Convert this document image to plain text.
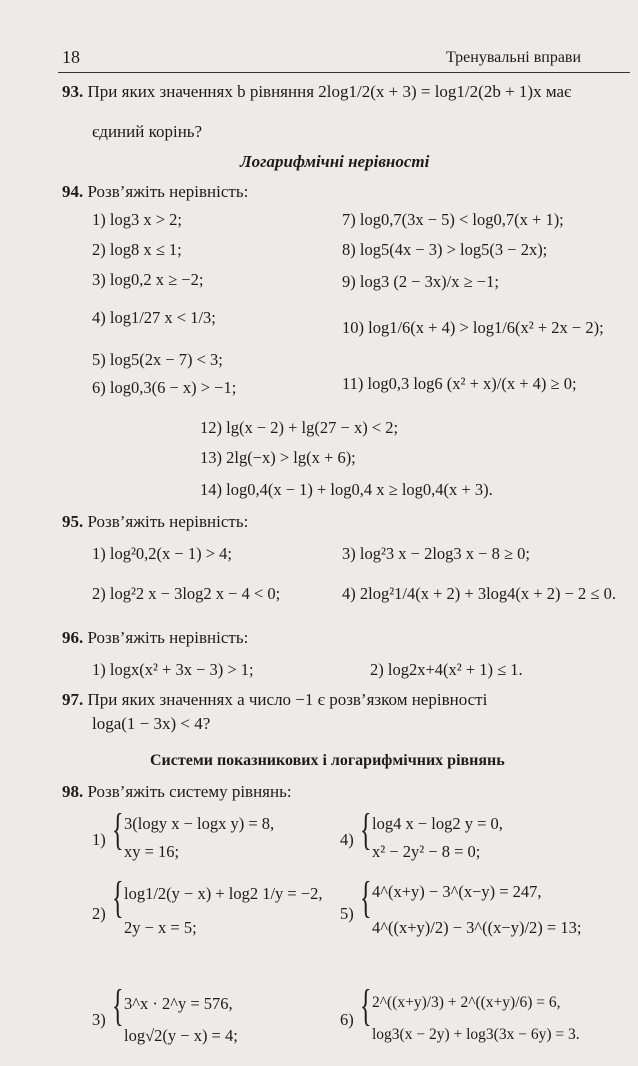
18	Тренувальні вправи
93. При яких значеннях b рівняння 2log1/2(x + 3) = log1/2(2b + 1)x має
єдиний корінь?
Логарифмічні нерівності
94. Розв’яжіть нерівність:
1) log3 x > 2;
2) log8 x ≤ 1;
3) log0,2 x ≥ −2;
4) log1/27 x < 1/3;
5) log5(2x − 7) < 3;
6) log0,3(6 − x) > −1;
7) log0,7(3x − 5) < log0,7(x + 1);
8) log5(4x − 3) > log5(3 − 2x);
9) log3 (2 − 3x)/x ≥ −1;
10) log1/6(x + 4) > log1/6(x² + 2x − 2);
11) log0,3 log6 (x² + x)/(x + 4) ≥ 0;
12) lg(x − 2) + lg(27 − x) < 2;
13) 2lg(−x) > lg(x + 6);
14) log0,4(x − 1) + log0,4 x ≥ log0,4(x + 3).
95. Розв’яжіть нерівність:
1) log²0,2(x − 1) > 4;	3) log²3 x − 2log3 x − 8 ≥ 0;
2) log²2 x − 3log2 x − 4 < 0;	4) 2log²1/4(x + 2) + 3log4(x + 2) − 2 ≤ 0.
96. Розв’яжіть нерівність:
1) logx(x² + 3x − 3) > 1;	2) log2x+4(x² + 1) ≤ 1.
97. При яких значеннях a число −1 є розв’язком нерівності
loga(1 − 3x) < 4?
Системи показникових і логарифмічних рівнянь
98. Розв’яжіть систему рівнянь:
1) { 3(logy x − logx y) = 8,
xy = 16;
4) { log4 x − log2 y = 0,
x² − 2y² − 8 = 0;
2) { log1/2(y − x) + log2 1/y = −2,
2y − x = 5;
5) { 4^(x+y) − 3^(x−y) = 247,
4^((x+y)/2) − 3^((x−y)/2) = 13;
3) { 3^x · 2^y = 576,
log√2(y − x) = 4;
6) { 2^((x+y)/3) + 2^((x+y)/6) = 6,
log3(x − 2y) + log3(3x − 6y) = 3.
